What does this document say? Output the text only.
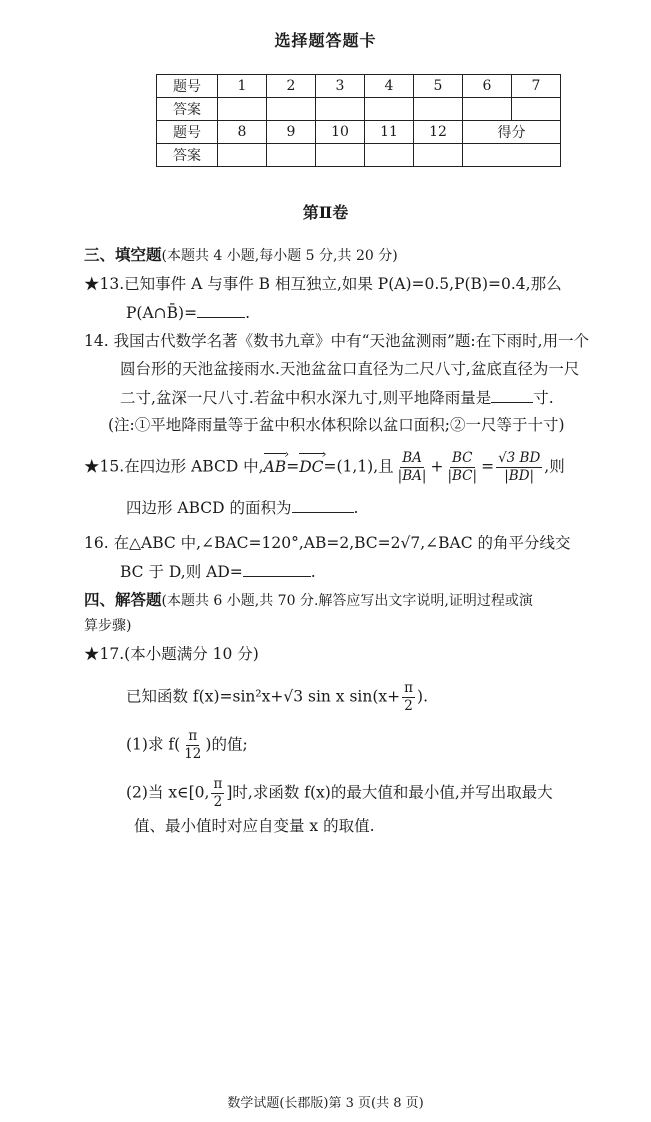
选择题答题卡
题号	1	2	3	4	5	6	7
答案							
题号	8	9	10	11	12	得分	
答案							
第Ⅱ卷
三、填空题(本题共 4 小题,每小题 5 分,共 20 分)
★13.已知事件 A 与事件 B 相互独立,如果 P(A)=0.5,P(B)=0.4,那么
P(A∩B̄)=	.
14. 我国古代数学名著《数书九章》中有“天池盆测雨”题:在下雨时,用一个
圆台形的天池盆接雨水.天池盆盆口直径为二尺八寸,盆底直径为一尺
二寸,盆深一尺八寸.若盆中积水深九寸,则平地降雨量是	寸.
(注:①平地降雨量等于盆中积水体积除以盆口面积;②一尺等于十寸)
★15.在四边形 ABCD 中,AB ›=DC ›=(1,1),且 $\frac{BA}{|BA|} + \frac{BC}{|BC|} = \frac{√3 BD}{|BD|}$ ,则
四边形 ABCD 的面积为	.
16. 在△ABC 中,∠BAC=120°,AB=2,BC=2√7,∠BAC 的角平分线交
BC 于 D,则 AD=	.
四、解答题(本题共 6 小题,共 70 分.解答应写出文字说明,证明过程或演
算步骤)
★17.(本小题满分 10 分)
已知函数 f(x)=sin²x+√3 sin x $\sin(x+ \frac{\pi}{2}$ ).
(1)求 $f( \frac{\pi}{12}$ )的值;
(2)当 x∈[0, $\frac{\pi}{2}$ ]时,求函数 f(x)的最大值和最小值,并写出取最大
值、最小值时对应自变量 x 的取值.
数学试题(长郡版)第 3 页(共 8 页)
